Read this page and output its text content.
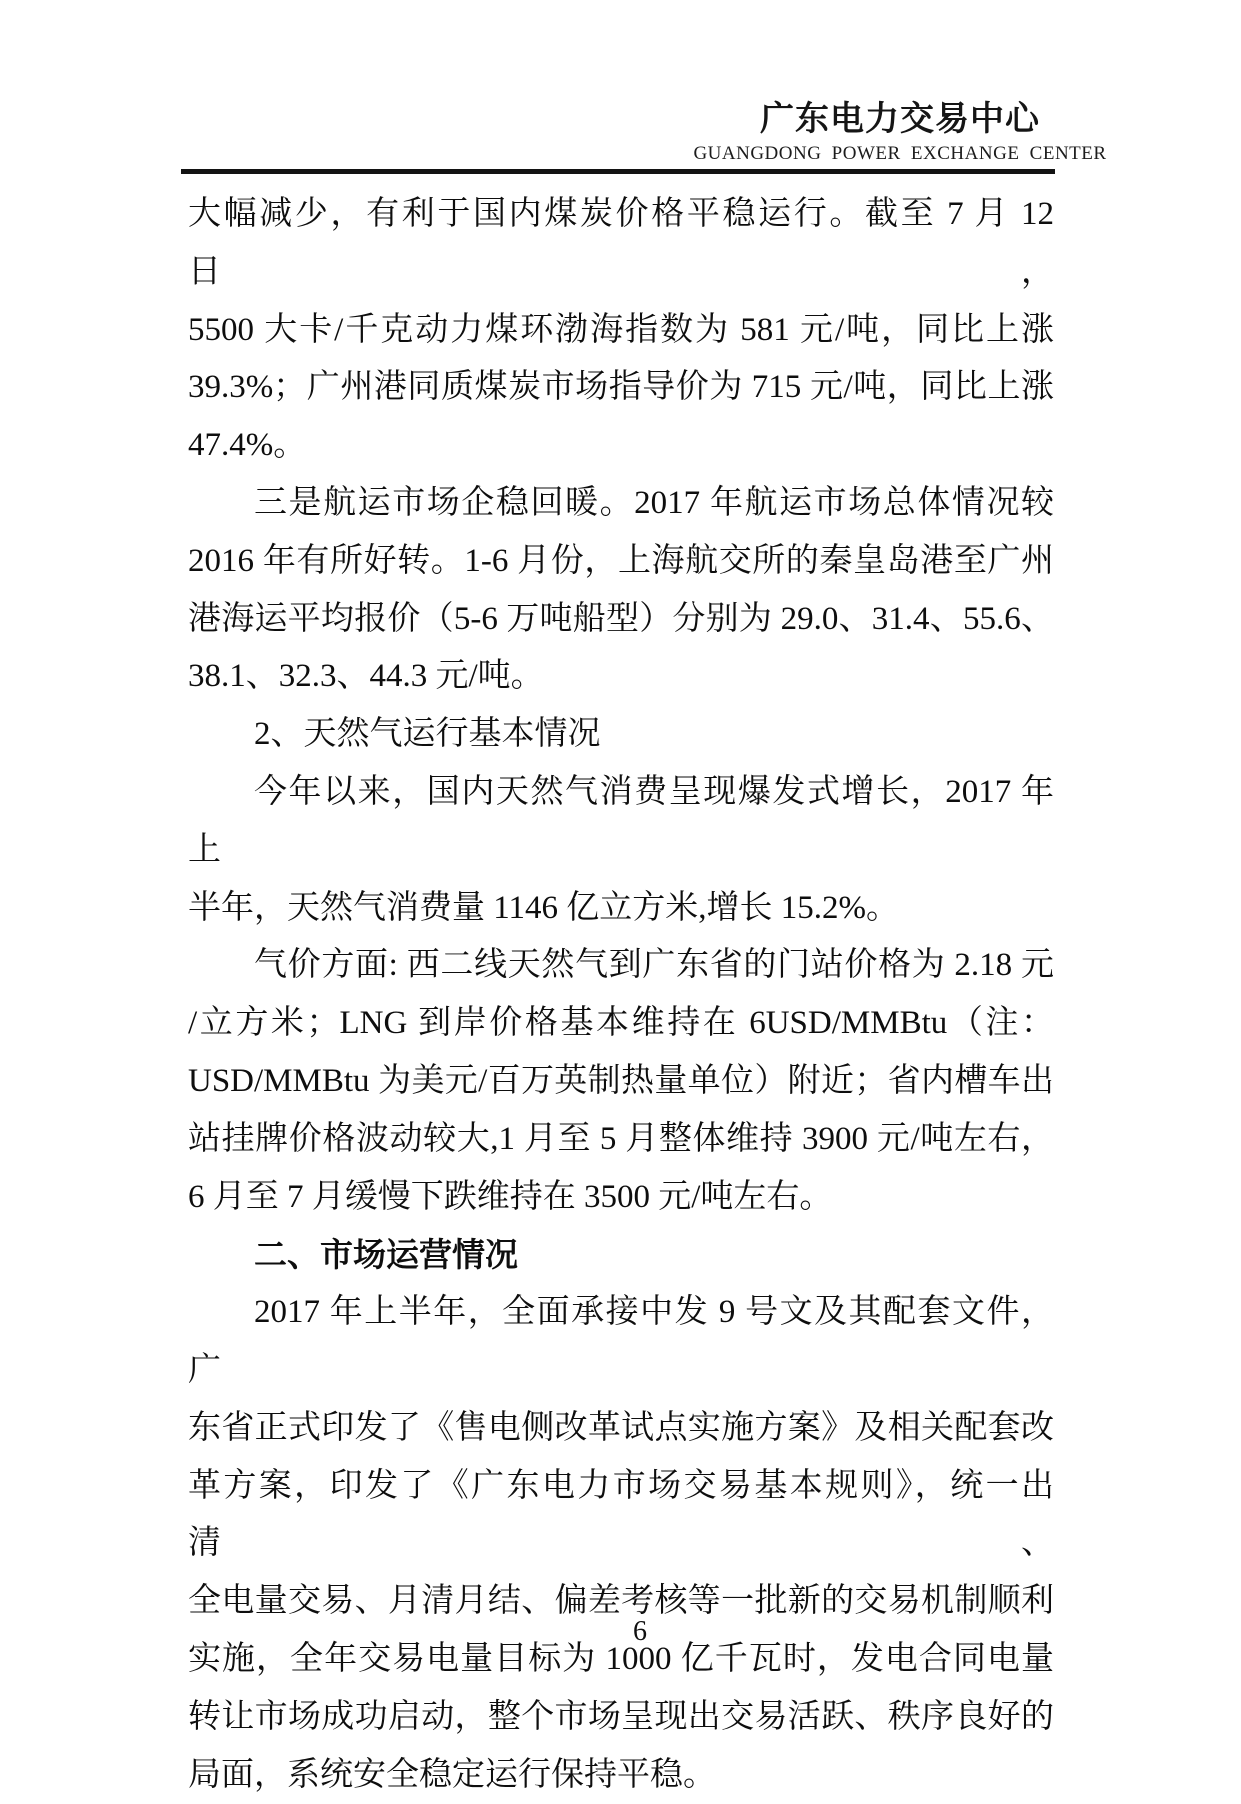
广东电力交易中心
GUANGDONG POWER EXCHANGE CENTER

大幅减少，有利于国内煤炭价格平稳运行。截至 7 月 12 日，
5500 大卡/千克动力煤环渤海指数为 581 元/吨，同比上涨
39.3%；广州港同质煤炭市场指导价为 715 元/吨，同比上涨
47.4%。

三是航运市场企稳回暖。2017 年航运市场总体情况较
2016 年有所好转。1-6 月份，上海航交所的秦皇岛港至广州
港海运平均报价（5-6 万吨船型）分别为 29.0、31.4、55.6、
38.1、32.3、44.3 元/吨。

2、天然气运行基本情况

今年以来，国内天然气消费呈现爆发式增长，2017 年上
半年，天然气消费量 1146 亿立方米,增长 15.2%。

气价方面: 西二线天然气到广东省的门站价格为 2.18 元
/立方米；LNG 到岸价格基本维持在 6USD/MMBtu（注：
USD/MMBtu 为美元/百万英制热量单位）附近；省内槽车出
站挂牌价格波动较大,1 月至 5 月整体维持 3900 元/吨左右，
6 月至 7 月缓慢下跌维持在 3500 元/吨左右。

二、市场运营情况

2017 年上半年，全面承接中发 9 号文及其配套文件，广
东省正式印发了《售电侧改革试点实施方案》及相关配套改
革方案，印发了《广东电力市场交易基本规则》，统一出清、
全电量交易、月清月结、偏差考核等一批新的交易机制顺利
实施，全年交易电量目标为 1000 亿千瓦时，发电合同电量
转让市场成功启动，整个市场呈现出交易活跃、秩序良好的
局面，系统安全稳定运行保持平稳。

6
